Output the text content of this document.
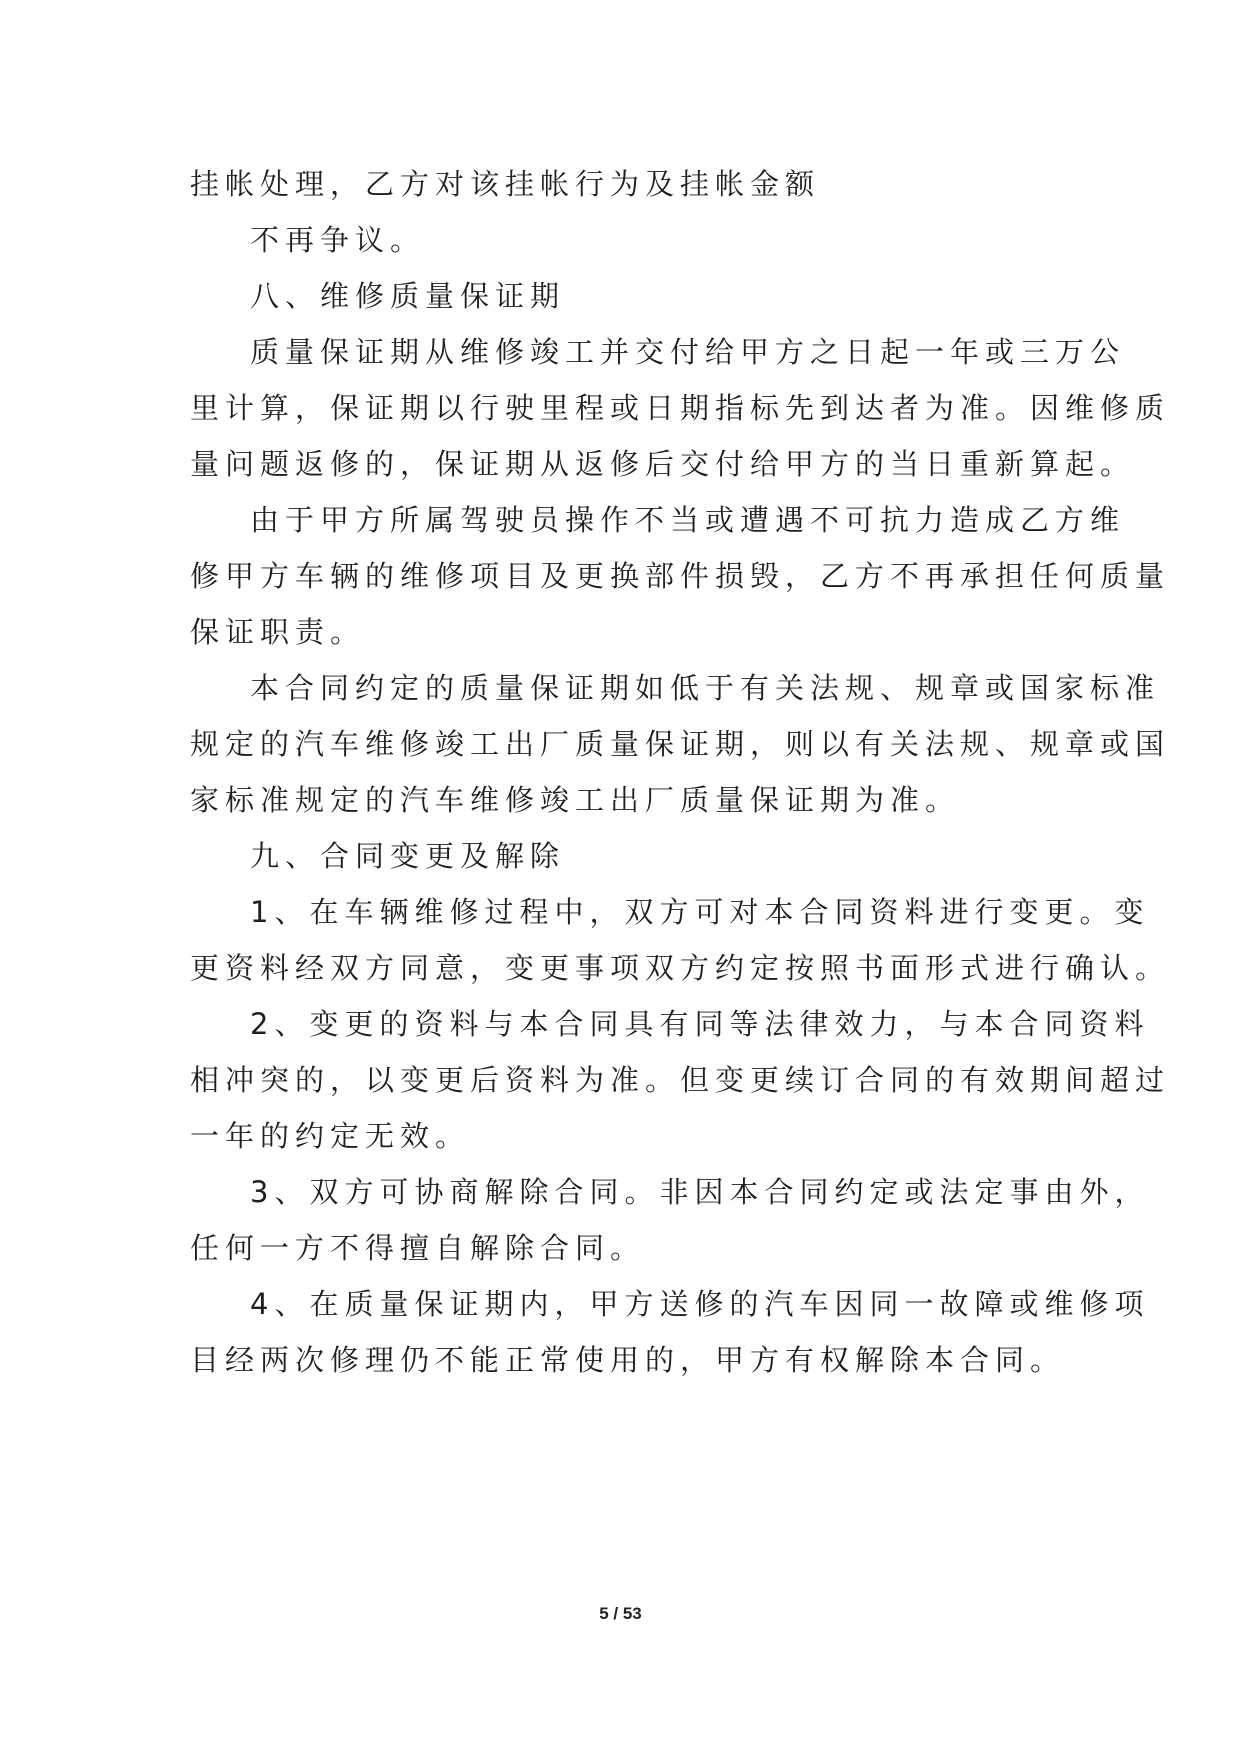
挂帐处理，乙方对该挂帐行为及挂帐金额
不再争议。
八、维修质量保证期
质量保证期从维修竣工并交付给甲方之日起一年或三万公
里计算，保证期以行驶里程或日期指标先到达者为准。因维修质
量问题返修的，保证期从返修后交付给甲方的当日重新算起。
由于甲方所属驾驶员操作不当或遭遇不可抗力造成乙方维
修甲方车辆的维修项目及更换部件损毁，乙方不再承担任何质量
保证职责。
本合同约定的质量保证期如低于有关法规、规章或国家标准
规定的汽车维修竣工出厂质量保证期，则以有关法规、规章或国
家标准规定的汽车维修竣工出厂质量保证期为准。
九、合同变更及解除
1、在车辆维修过程中，双方可对本合同资料进行变更。变
更资料经双方同意，变更事项双方约定按照书面形式进行确认。
2、变更的资料与本合同具有同等法律效力，与本合同资料
相冲突的，以变更后资料为准。但变更续订合同的有效期间超过
一年的约定无效。
3、双方可协商解除合同。非因本合同约定或法定事由外，
任何一方不得擅自解除合同。
4、在质量保证期内，甲方送修的汽车因同一故障或维修项
目经两次修理仍不能正常使用的，甲方有权解除本合同。
5 / 53
